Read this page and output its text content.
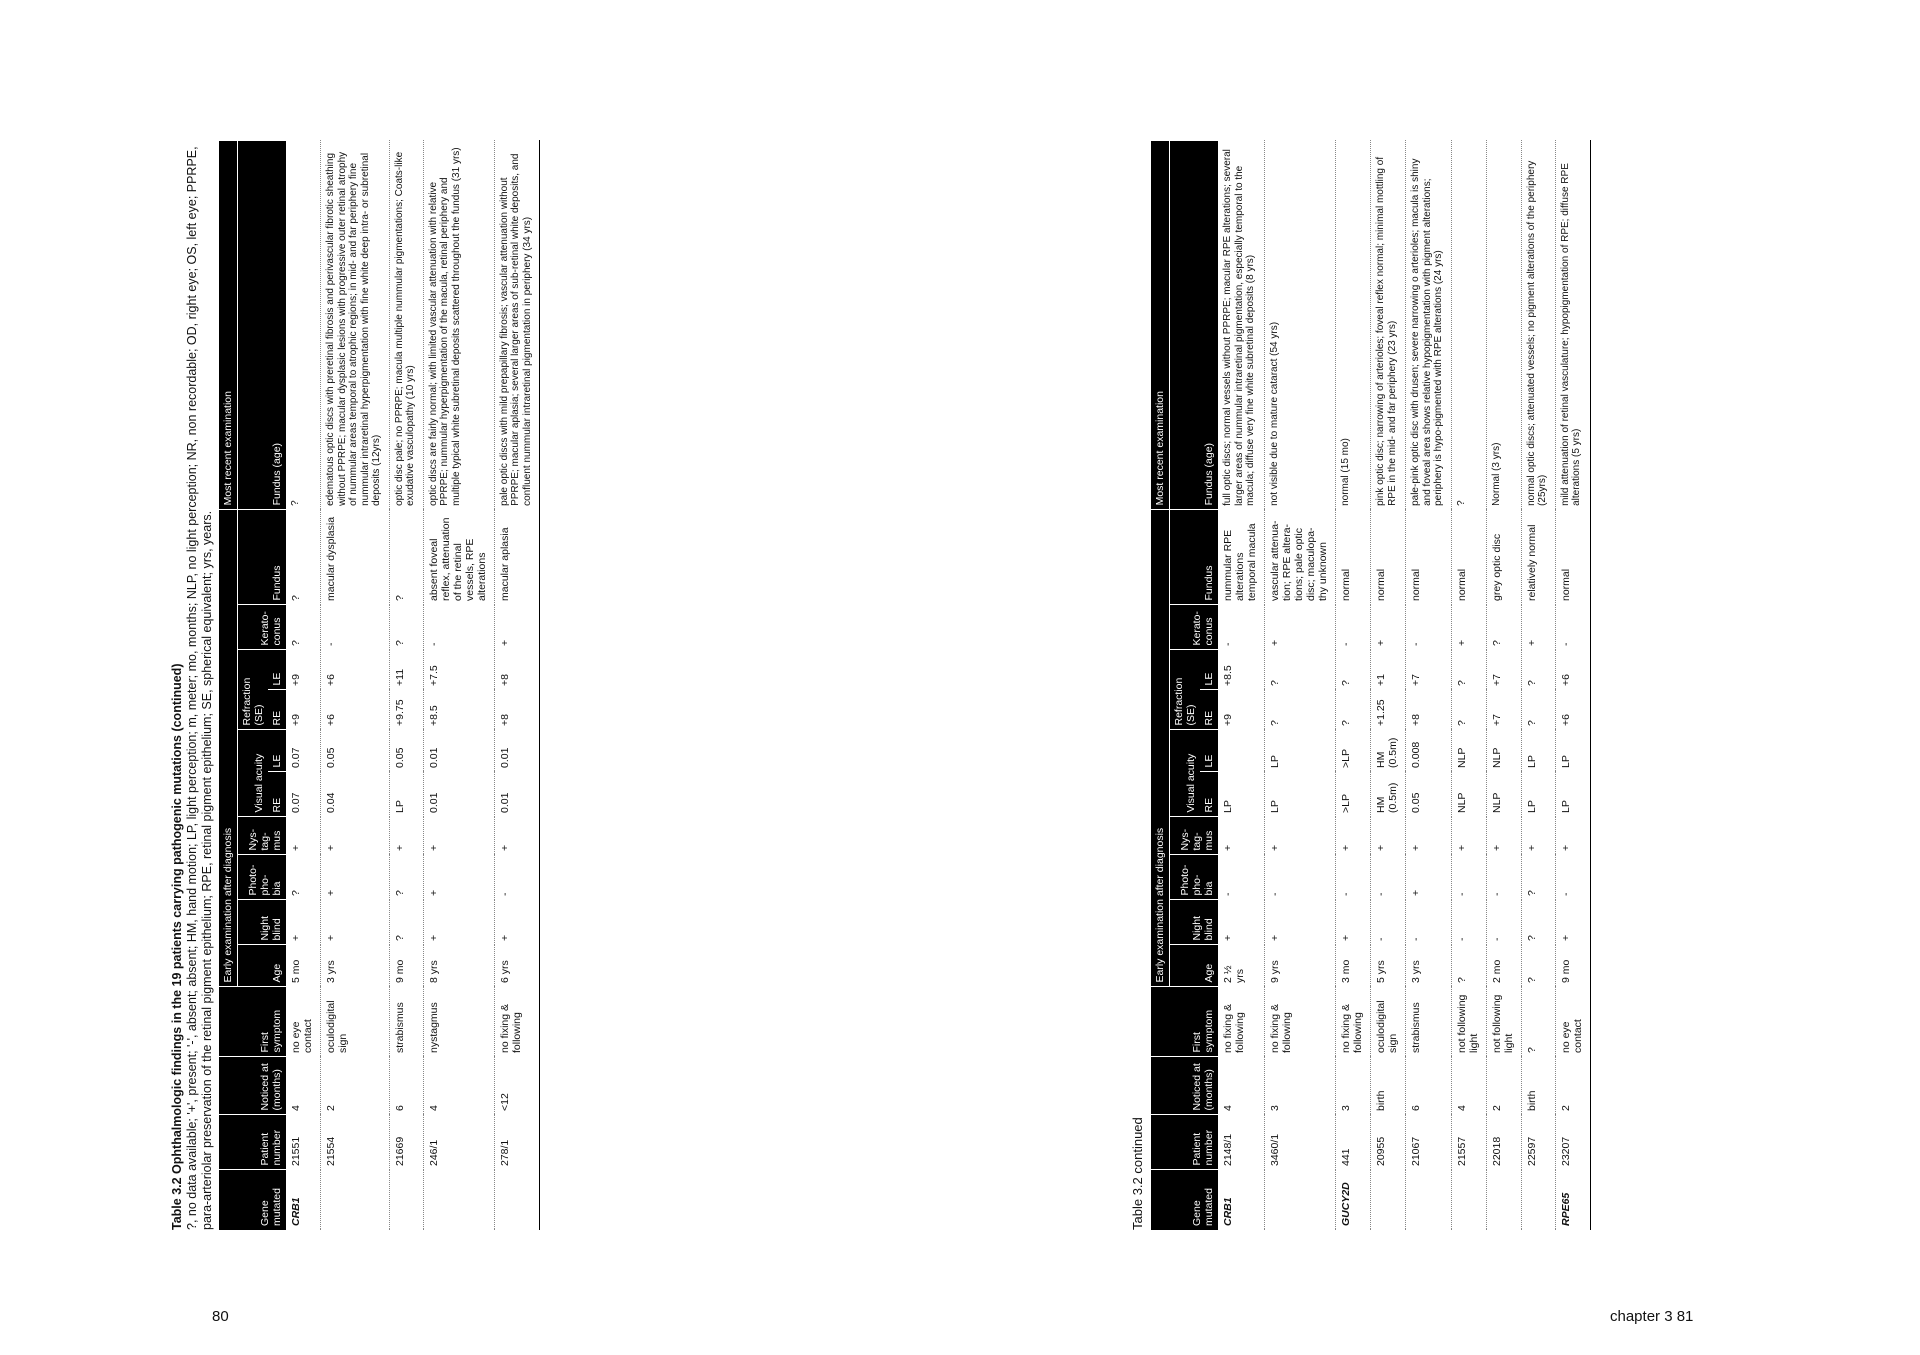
80	chapter 3 81
Table 3.2 Ophthalmologic findings in the 19 patients carrying pathogenic mutations (continued)
?, no data available; '+', present; '-', absent; absent; HM, hand motion; LP, light perception; m, meter; mo, months; NLP, no light perception; NR, non recordable; OD, right eye; OS, left eye; PPRPE, para-arteriolar preservation of the retinal pigment epithelium; RPE, retinal pigment epithelium; SE, spherical equivalent; yrs, years.	Gene mutated	Patient number	Noticed at (months)	First symptom	Early examination after diagnosis										Most recent examination
				Age	Night blind	Photo- pho- bia	Nys- tag- mus	Visual acuity		Refraction (SE)		Kerato- conus	Fundus	Fundus (age)
								RE	LE	RE	LE			
CRB1	21551	4	no eye contact	5 mo	+	?	+	0.07	0.07	+9	+9	?	?	?
	21554	2	oculodigital sign	3 yrs	+	+	+	0.04	0.05	+6	+6	-	macular dysplasia	edematous optic discs with preretinal fibrosis and perivascular fibrotic sheathing without PPRPE; macular dysplasic lesions with progressive outer retinal atrophy of nummular areas temporal to atrophic regions; in mid- and far periphery fine nummular intraretinal hyperpigmentation with fine white deep intra- or subretinal deposits (12yrs)
	21669	6	strabismus	9 mo	?	?	+	LP	0.05	+9.75	+11	?	?	optic disc pale; no PPRPE; macula multiple nummular pigmentations; Coats-like exudative vasculopathy (10 yrs)
	246/1	4	nystagmus	8 yrs	+	+	+	0.01	0.01	+8.5	+7.5	-	absent foveal reflex, attenuation of the retinal vessels, RPE alterations	optic discs are fairly normal; with limited vascular attenuation with relative PPRPE; nummular hyperpigmentation of the macula, retinal periphery and multiple typical white subretinal deposits scattered throughout the fundus (31 yrs)
	278/1	<12	no fixing & following	6 yrs	+	-	+	0.01	0.01	+8	+8	+	macular aplasia	pale optic discs with mild prepapillary fibrosis; vascular attenuation without PPRPE; macular aplasia; several larger areas of sub-retinal white deposits, and confluent nummular intraretinal pigmentation in periphery (34 yrs)
Table 3.2 continued	Gene mutated	Patient number	Noticed at (months)	First symptom	Early examination after diagnosis										Most recent examination
				Age	Night blind	Photo- pho- bia	Nys- tag- mus	Visual acuity		Refraction (SE)		Kerato- conus	Fundus	Fundus (age)
								RE	LE	RE	LE			
CRB1	2148/1	4	no fixing & following	2 ½ yrs	+	-	+	LP		+9	+8.5	-	nummular RPE alterations temporal macula	full optic discs; normal vessels without PPRPE; macular RPE alterations; several larger areas of nummular intraretinal pigmentation, especially temporal to the macula; diffuse very fine white subretinal deposits (8 yrs)
	3460/1	3	no fixing & following	9 yrs	+	-	+	LP	LP	?	?	+	vascular attenua- tion; RPE altera- tions; pale optic disc; maculopa- thy unknown	not visible due to mature cataract (54 yrs)
GUCY2D	441	3	no fixing & following	3 mo	+	-	+	>LP	>LP	?	?	-	normal	normal (15 mo)
	20955	birth	oculodigital sign	5 yrs	-	-	+	HM (0.5m)	HM (0.5m)	+1.25	+1	+	normal	pink optic disc; narrowing of arterioles; foveal reflex normal; minimal mottling of RPE in the mid- and far periphery (23 yrs)
	21067	6	strabismus	3 yrs	-	+	+	0.05	0.008	+8	+7	-	normal	pale-pink optic disc with drusen; severe narrowing o arterioles; macula is shiny and foveal area shows relative hypopigmentation with pigment alterations; periphery is hypo-pigmented with RPE alterations (24 yrs)
	21557	4	not following light	?	-	-	+	NLP	NLP	?	?	+	normal	?
	22018	2	not following light	2 mo	-	-	+	NLP	NLP	+7	+7	?	grey optic disc	Normal (3 yrs)
	22597	birth	?	?	?	?	+	LP	LP	?	?	+	relatively normal	normal optic discs; attenuated vessels; no pigment alterations of the periphery (25yrs)
RPE65	23207	2	no eye contact	9 mo	+	-	+	LP	LP	+6	+6	-	normal	mild attenuation of retinal vasculature; hypopigmentation of RPE; diffuse RPE alterations (5 yrs)
